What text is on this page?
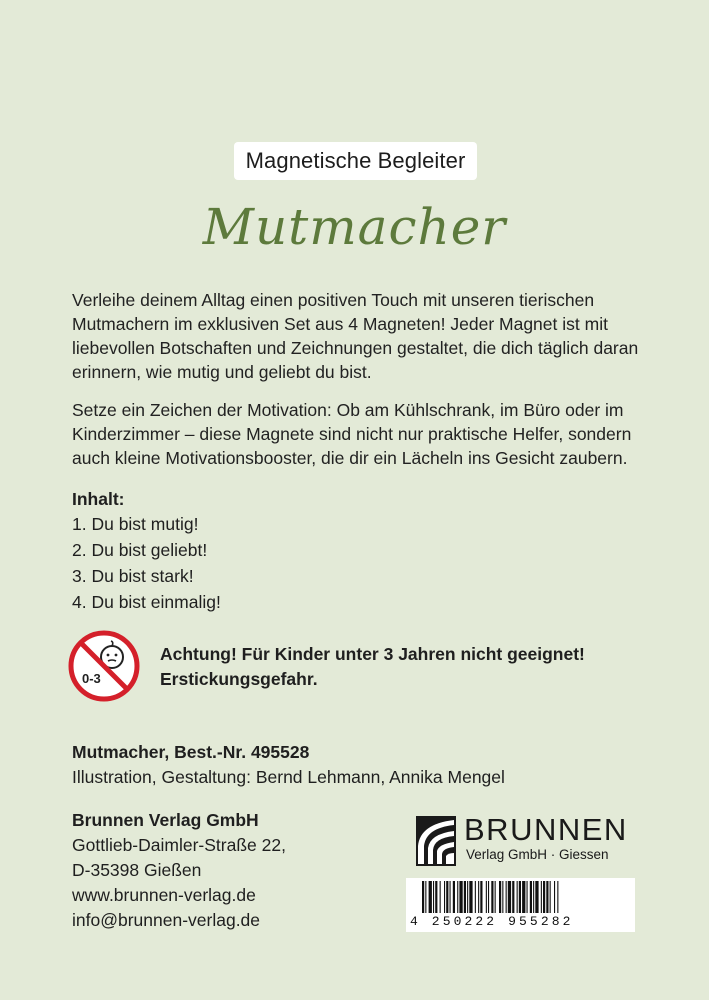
Magnetische Begleiter
Mutmacher

Verleihe deinem Alltag einen positiven Touch mit unseren tierischen Mutmachern im exklusiven Set aus 4 Magneten! Jeder Magnet ist mit liebevollen Botschaften und Zeichnungen gestaltet, die dich täglich daran erinnern, wie mutig und geliebt du bist.

Setze ein Zeichen der Motivation: Ob am Kühlschrank, im Büro oder im Kinderzimmer – diese Magnete sind nicht nur praktische Helfer, sondern auch kleine Motivationsbooster, die dir ein Lächeln ins Gesicht zaubern.

Inhalt:
1. Du bist mutig!
2. Du bist geliebt!
3. Du bist stark!
4. Du bist einmalig!
0-3
Achtung! Für Kinder unter 3 Jahren nicht geeignet!
Erstickungsgefahr.
Mutmacher, Best.-Nr. 495528
Illustration, Gestaltung: Bernd Lehmann, Annika Mengel
Brunnen Verlag GmbH
Gottlieb-Daimler-Straße 22,
D-35398 Gießen
www.brunnen-verlag.de
info@brunnen-verlag.de
BRUNNEN
Verlag GmbH · Giessen
4 250222 955282
